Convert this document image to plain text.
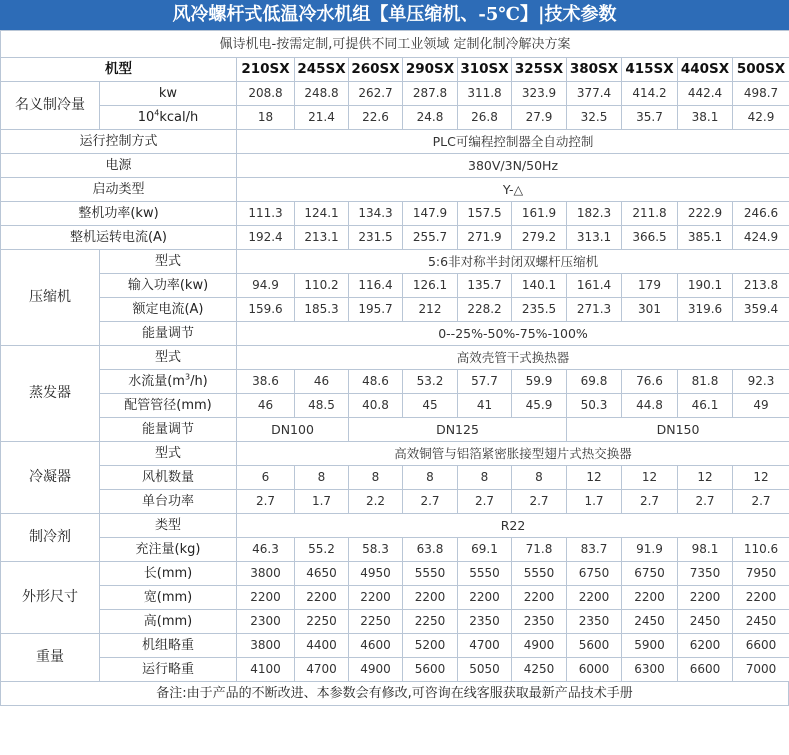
风冷螺杆式低温冷水机组【单压缩机、-5℃】|技术参数
佩诗机电-按需定制,可提供不同工业领域 定制化制冷解决方案											
机型		210SX	245SX	260SX	290SX	310SX	325SX	380SX	415SX	440SX	500SX
名义制冷量	kw	208.8	248.8	262.7	287.8	311.8	323.9	377.4	414.2	442.4	498.7
	$10^4kcal/h$	18	21.4	22.6	24.8	26.8	27.9	32.5	35.7	38.1	42.9
运行控制方式		PLC可编程控制器全自动控制									
电源		380V/3N/50Hz									
启动类型		Y-△									
整机功率(kw)		111.3	124.1	134.3	147.9	157.5	161.9	182.3	211.8	222.9	246.6
整机运转电流(A)		192.4	213.1	231.5	255.7	271.9	279.2	313.1	366.5	385.1	424.9
压缩机	型式	5:6非对称半封闭双螺杆压缩机									
	输入功率(kw)	94.9	110.2	116.4	126.1	135.7	140.1	161.4	179	190.1	213.8
	额定电流(A)	159.6	185.3	195.7	212	228.2	235.5	271.3	301	319.6	359.4
	能量调节	0--25%-50%-75%-100%									
蒸发器	型式	高效壳管干式换热器									
	水流量$(m^3/h)$	38.6	46	48.6	53.2	57.7	59.9	69.8	76.6	81.8	92.3
	配管管径(mm)	46	48.5	40.8	45	41	45.9	50.3	44.8	46.1	49
	能量调节	DN100		DN125				DN150			
冷凝器	型式	高效铜管与铝箔紧密胀接型翅片式热交换器									
	风机数量	6	8	8	8	8	8	12	12	12	12
	单台功率	2.7	1.7	2.2	2.7	2.7	2.7	1.7	2.7	2.7	2.7
制冷剂	类型	R22									
	充注量(kg)	46.3	55.2	58.3	63.8	69.1	71.8	83.7	91.9	98.1	110.6
外形尺寸	长(mm)	3800	4650	4950	5550	5550	5550	6750	6750	7350	7950
	宽(mm)	2200	2200	2200	2200	2200	2200	2200	2200	2200	2200
	高(mm)	2300	2250	2250	2250	2350	2350	2350	2450	2450	2450
重量	机组略重	3800	4400	4600	5200	4700	4900	5600	5900	6200	6600
	运行略重	4100	4700	4900	5600	5050	4250	6000	6300	6600	7000
备注:由于产品的不断改进、本参数会有修改,可咨询在线客服获取最新产品技术手册
